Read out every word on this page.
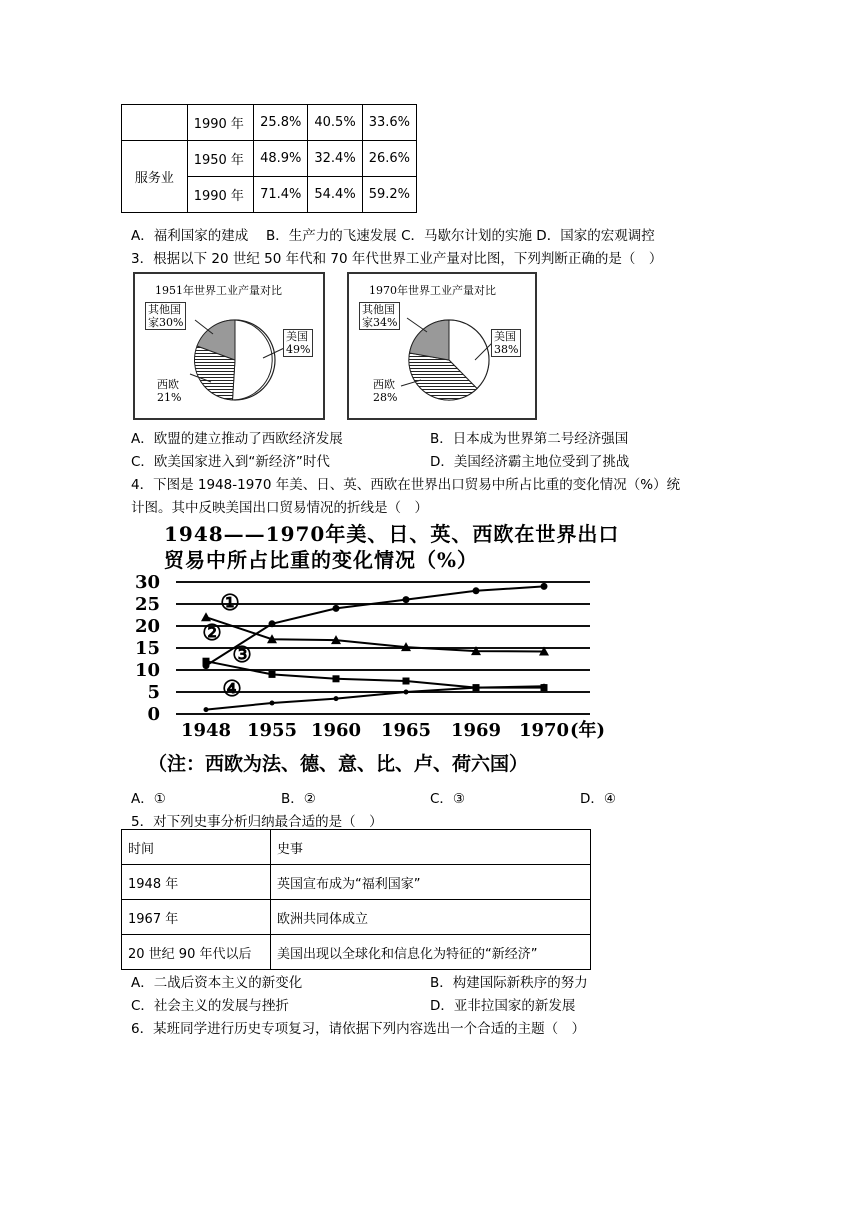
	1990 年	25.8%	40.5%	33.6%
服务业	1950 年	48.9%	32.4%	26.6%
	1990 年	71.4%	54.4%	59.2%
A．福利国家的建成　 B．生产力的飞速发展 C．马歇尔计划的实施 D．国家的宏观调控
3．根据以下 20 世纪 50 年代和 70 年代世界工业产量对比图，下列判断正确的是（　）
1951年世界工业产量对比
其他国
家30%
美国
49%
西欧
21%
1970年世界工业产量对比
其他国
家34%
美国
38%
西欧
28%
A．欧盟的建立推动了西欧经济发展	B．日本成为世界第二号经济强国
C．欧美国家进入到“新经济”时代	D．美国经济霸主地位受到了挑战
4．下图是 1948-1970 年美、日、英、西欧在世界出口贸易中所占比重的变化情况（%）统
计图。其中反映美国出口贸易情况的折线是（　）
1948——1970年美、日、英、西欧在世界出口
贸易中所占比重的变化情况（%）
0
5
10
15
20
25
30
1948 1955 1960 1965 1969 1970 (年)
①
②
③
④
（注：西欧为法、德、意、比、卢、荷六国）
A．①	B．②	C．③	D．④
5．对下列史事分析归纳最合适的是（　）
时间	史事
1948 年	英国宣布成为“福利国家”
1967 年	欧洲共同体成立
20 世纪 90 年代以后	美国出现以全球化和信息化为特征的“新经济”
A．二战后资本主义的新变化	B．构建国际新秩序的努力
C．社会主义的发展与挫折	D．亚非拉国家的新发展
6．某班同学进行历史专项复习，请依据下列内容选出一个合适的主题（　）
